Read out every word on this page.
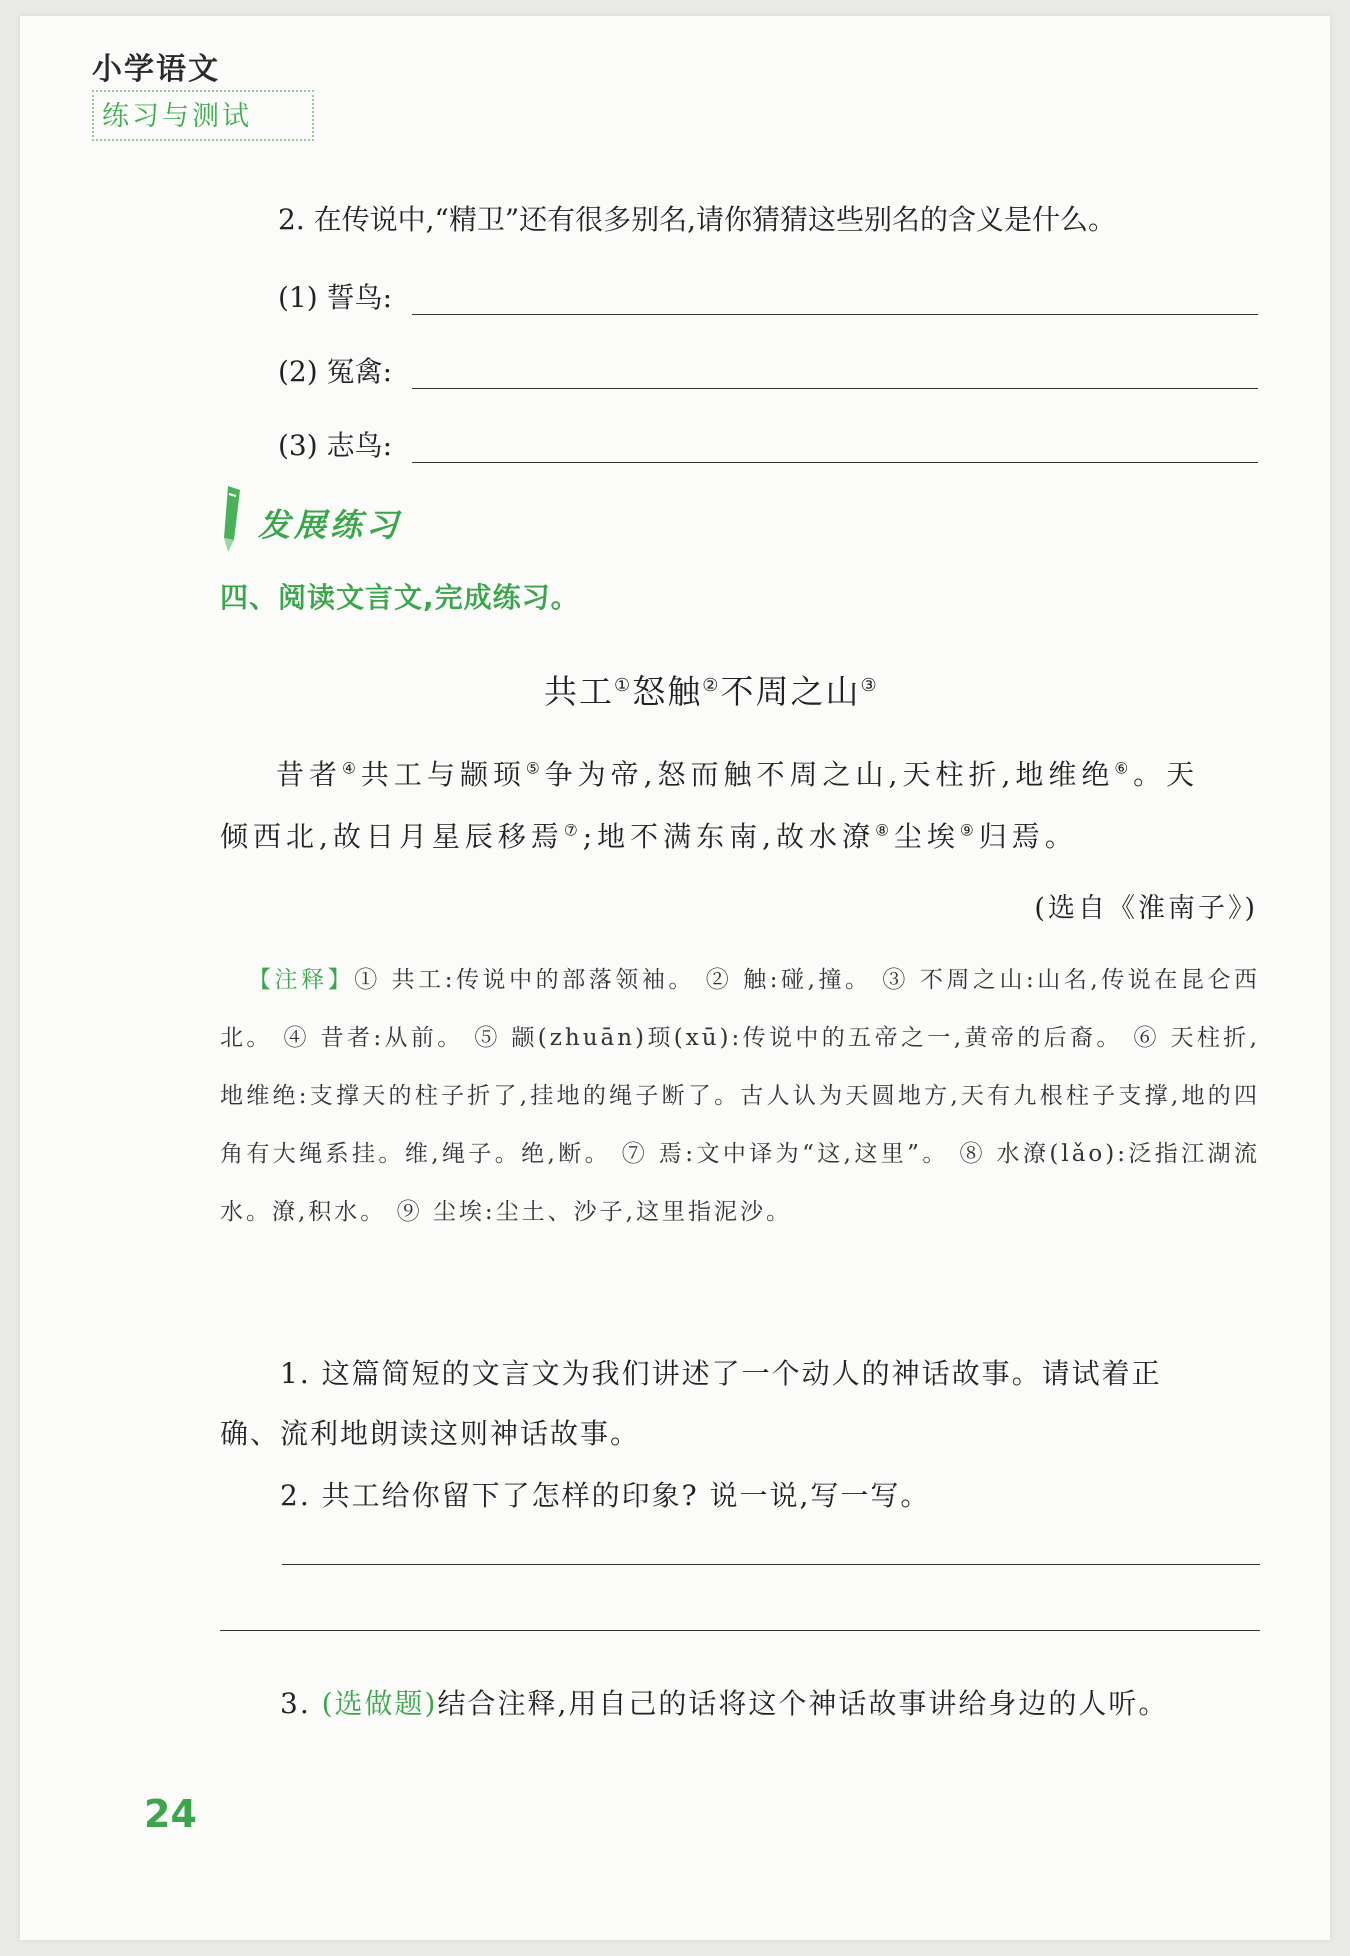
小学语文
练习与测试
2. 在传说中,“精卫”还有很多别名,请你猜猜这些别名的含义是什么。
(1) 誓鸟:
(2) 冤禽:
(3) 志鸟:
发展练习
四、阅读文言文,完成练习。
共工①怒触②不周之山③
昔者④共工与颛顼⑤争为帝,怒而触不周之山,天柱折,地维绝⑥。天
倾西北,故日月星辰移焉⑦;地不满东南,故水潦⑧尘埃⑨归焉。
(选自《淮南子》)
【注释】① 共工:传说中的部落领袖。 ② 触:碰,撞。 ③ 不周之山:山名,传说在昆仑西北。 ④ 昔者:从前。 ⑤ 颛(zhuān)顼(xū):传说中的五帝之一,黄帝的后裔。 ⑥ 天柱折,地维绝:支撑天的柱子折了,挂地的绳子断了。古人认为天圆地方,天有九根柱子支撑,地的四角有大绳系挂。维,绳子。绝,断。 ⑦ 焉:文中译为“这,这里”。 ⑧ 水潦(lǎo):泛指江湖流水。潦,积水。 ⑨ 尘埃:尘土、沙子,这里指泥沙。
1. 这篇简短的文言文为我们讲述了一个动人的神话故事。请试着正
确、流利地朗读这则神话故事。
2. 共工给你留下了怎样的印象? 说一说,写一写。
3. (选做题)结合注释,用自己的话将这个神话故事讲给身边的人听。
24
